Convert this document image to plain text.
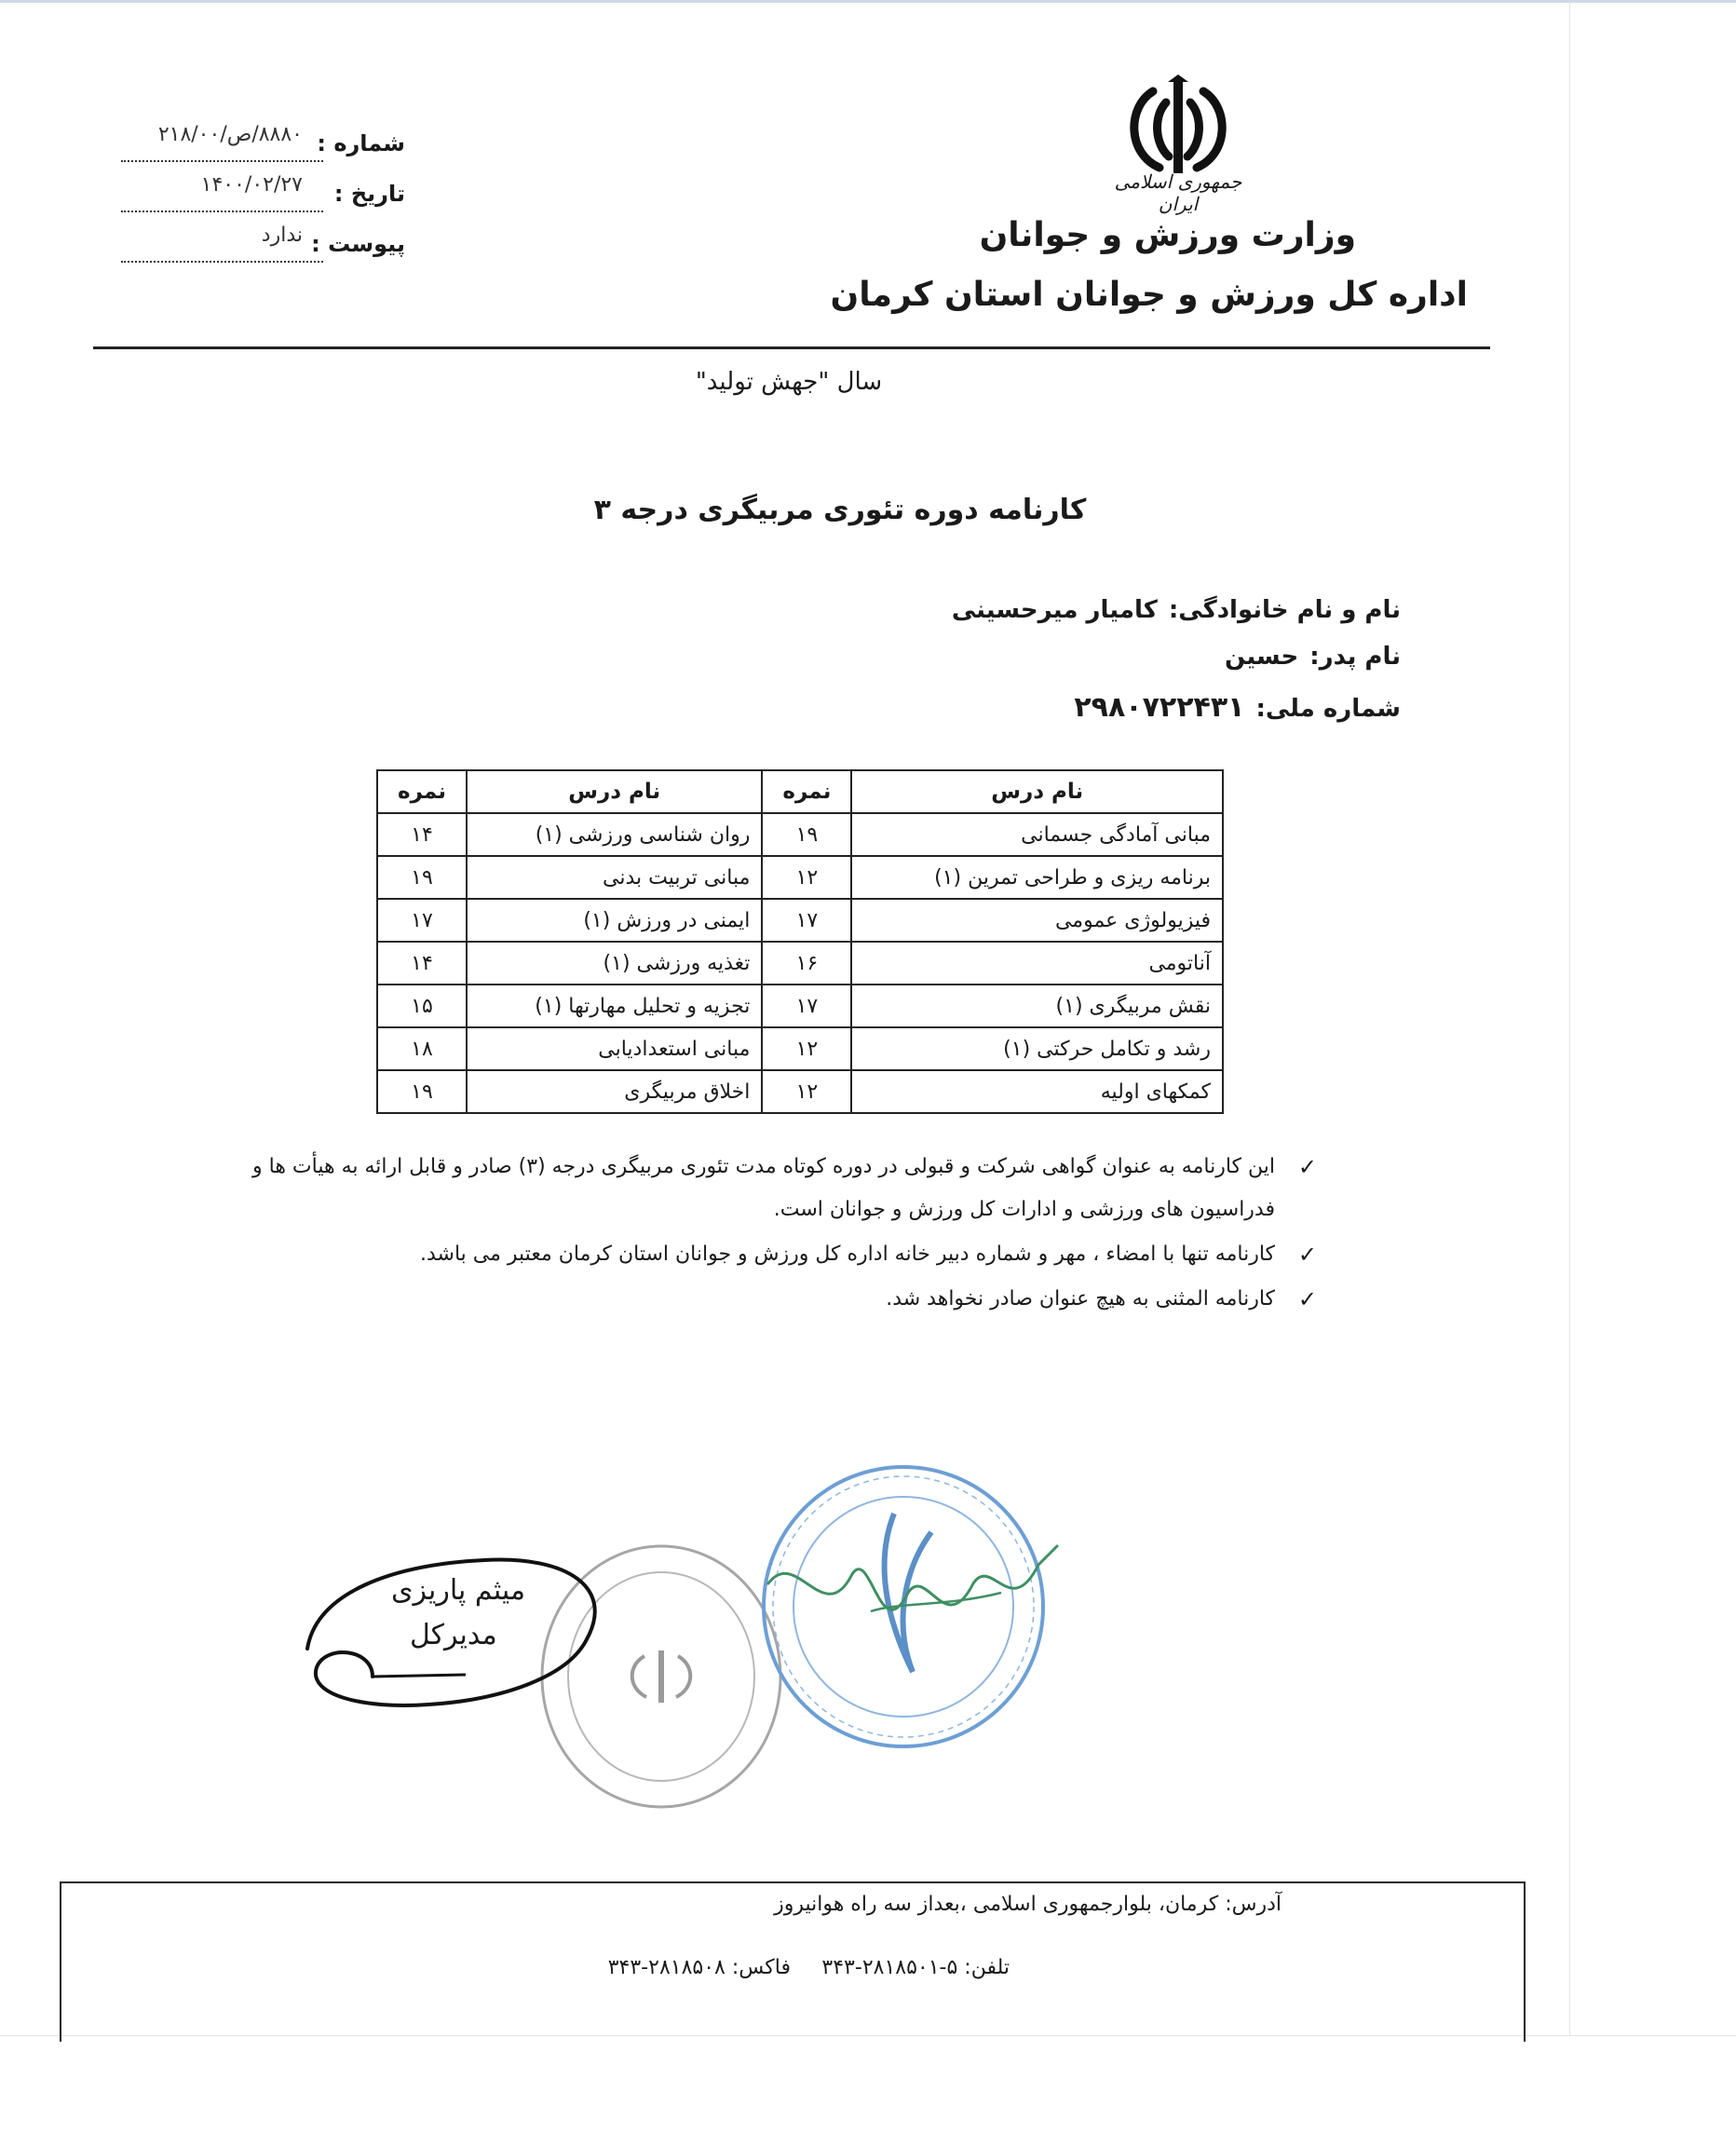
جمهوری اسلامی ایران
وزارت ورزش و جوانان
اداره کل ورزش و جوانان استان کرمان
سال "جهش تولید"
شماره :
۸۸۸۰/ص/۲۱۸/۰۰
تاریخ :
۱۴۰۰/۰۲/۲۷
پیوست :
ندارد
کارنامه دوره تئوری مربیگری درجه ۳
نام و نام خانوادگی:کامیار میرحسینی
نام پدر:حسین
شماره ملی:۲۹۸۰۷۲۲۴۳۱
نام درس	نمره	نام درس	نمره
مبانی آمادگی جسمانی	۱۹	روان شناسی ورزشی (۱)	۱۴
برنامه ریزی و طراحی تمرین (۱)	۱۲	مبانی تربیت بدنی	۱۹
فیزیولوژی عمومی	۱۷	ایمنی در ورزش (۱)	۱۷
آناتومی	۱۶	تغذیه ورزشی (۱)	۱۴
نقش مربیگری (۱)	۱۷	تجزیه و تحلیل مهارتها (۱)	۱۵
رشد و تکامل حرکتی (۱)	۱۲	مبانی استعدادیابی	۱۸
کمکهای اولیه	۱۲	اخلاق مربیگری	۱۹
✓
این کارنامه به عنوان گواهی شرکت و قبولی در دوره کوتاه مدت تئوری مربیگری درجه (۳) صادر و قابل ارائه به هیأت ها و فدراسیون های ورزشی و ادارات کل ورزش و جوانان است.
✓
کارنامه تنها با امضاء ، مهر و شماره دبیر خانه اداره کل ورزش و جوانان استان کرمان معتبر می باشد.
✓
کارنامه المثنی به هیچ عنوان صادر نخواهد شد.
میثم پاریزی
مدیرکل
آدرس: کرمان، بلوارجمهوری اسلامی ،بعداز سه راه هوانیروز
تلفن: ۵-۲۸۱۸۵۰۱-۳۴۳
فاکس: ۲۸۱۸۵۰۸-۳۴۳
